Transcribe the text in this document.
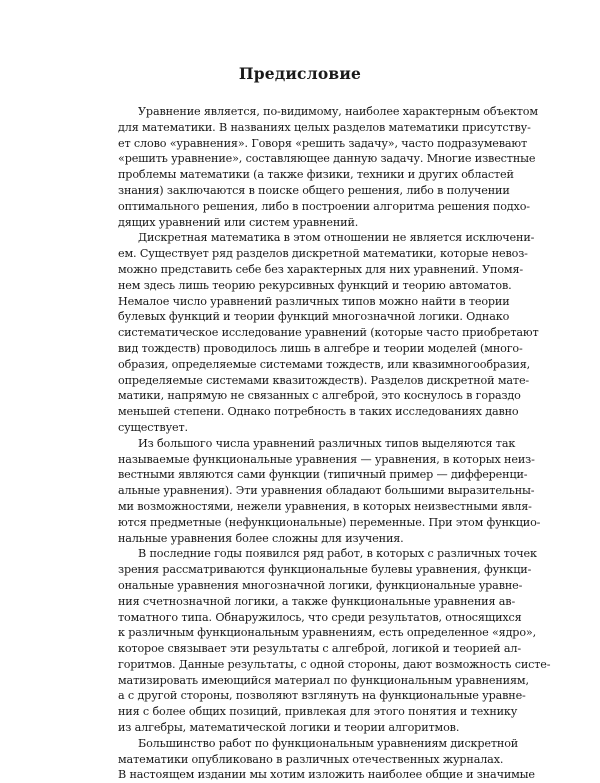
Предисловие
Уравнение является, по-видимому, наиболее характерным объектом
для математики. В названиях целых разделов математики присутству-
ет слово «уравнения». Говоря «решить задачу», часто подразумевают
«решить уравнение», составляющее данную задачу. Многие известные
проблемы математики (а также физики, техники и других областей
знания) заключаются в поиске общего решения, либо в получении
оптимального решения, либо в построении алгоритма решения подхо-
дящих уравнений или систем уравнений.
Дискретная математика в этом отношении не является исключени-
ем. Существует ряд разделов дискретной математики, которые невоз-
можно представить себе без характерных для них уравнений. Упомя-
нем здесь лишь теорию рекурсивных функций и теорию автоматов.
Немалое число уравнений различных типов можно найти в теории
булевых функций и теории функций многозначной логики. Однако
систематическое исследование уравнений (которые часто приобретают
вид тождеств) проводилось лишь в алгебре и теории моделей (много-
образия, определяемые системами тождеств, или квазимногообразия,
определяемые системами квазитождеств). Разделов дискретной мате-
матики, напрямую не связанных с алгеброй, это коснулось в гораздо
меньшей степени. Однако потребность в таких исследованиях давно
существует.
Из большого числа уравнений различных типов выделяются так
называемые функциональные уравнения — уравнения, в которых неиз-
вестными являются сами функции (типичный пример — дифференци-
альные уравнения). Эти уравнения обладают большими выразительны-
ми возможностями, нежели уравнения, в которых неизвестными явля-
ются предметные (нефункциональные) переменные. При этом функцио-
нальные уравнения более сложны для изучения.
В последние годы появился ряд работ, в которых с различных точек
зрения рассматриваются функциональные булевы уравнения, функци-
ональные уравнения многозначной логики, функциональные уравне-
ния счетнозначной логики, а также функциональные уравнения ав-
томатного типа. Обнаружилось, что среди результатов, относящихся
к различным функциональным уравнениям, есть определенное «ядро»,
которое связывает эти результаты с алгеброй, логикой и теорией ал-
горитмов. Данные результаты, с одной стороны, дают возможность систе-
матизировать имеющийся материал по функциональным уравнениям,
а с другой стороны, позволяют взглянуть на функциональные уравне-
ния с более общих позиций, привлекая для этого понятия и технику
из алгебры, математической логики и теории алгоритмов.
Большинство работ по функциональным уравнениям дискретной
математики опубликовано в различных отечественных журналах.
В настоящем издании мы хотим изложить наиболее общие и значимые
